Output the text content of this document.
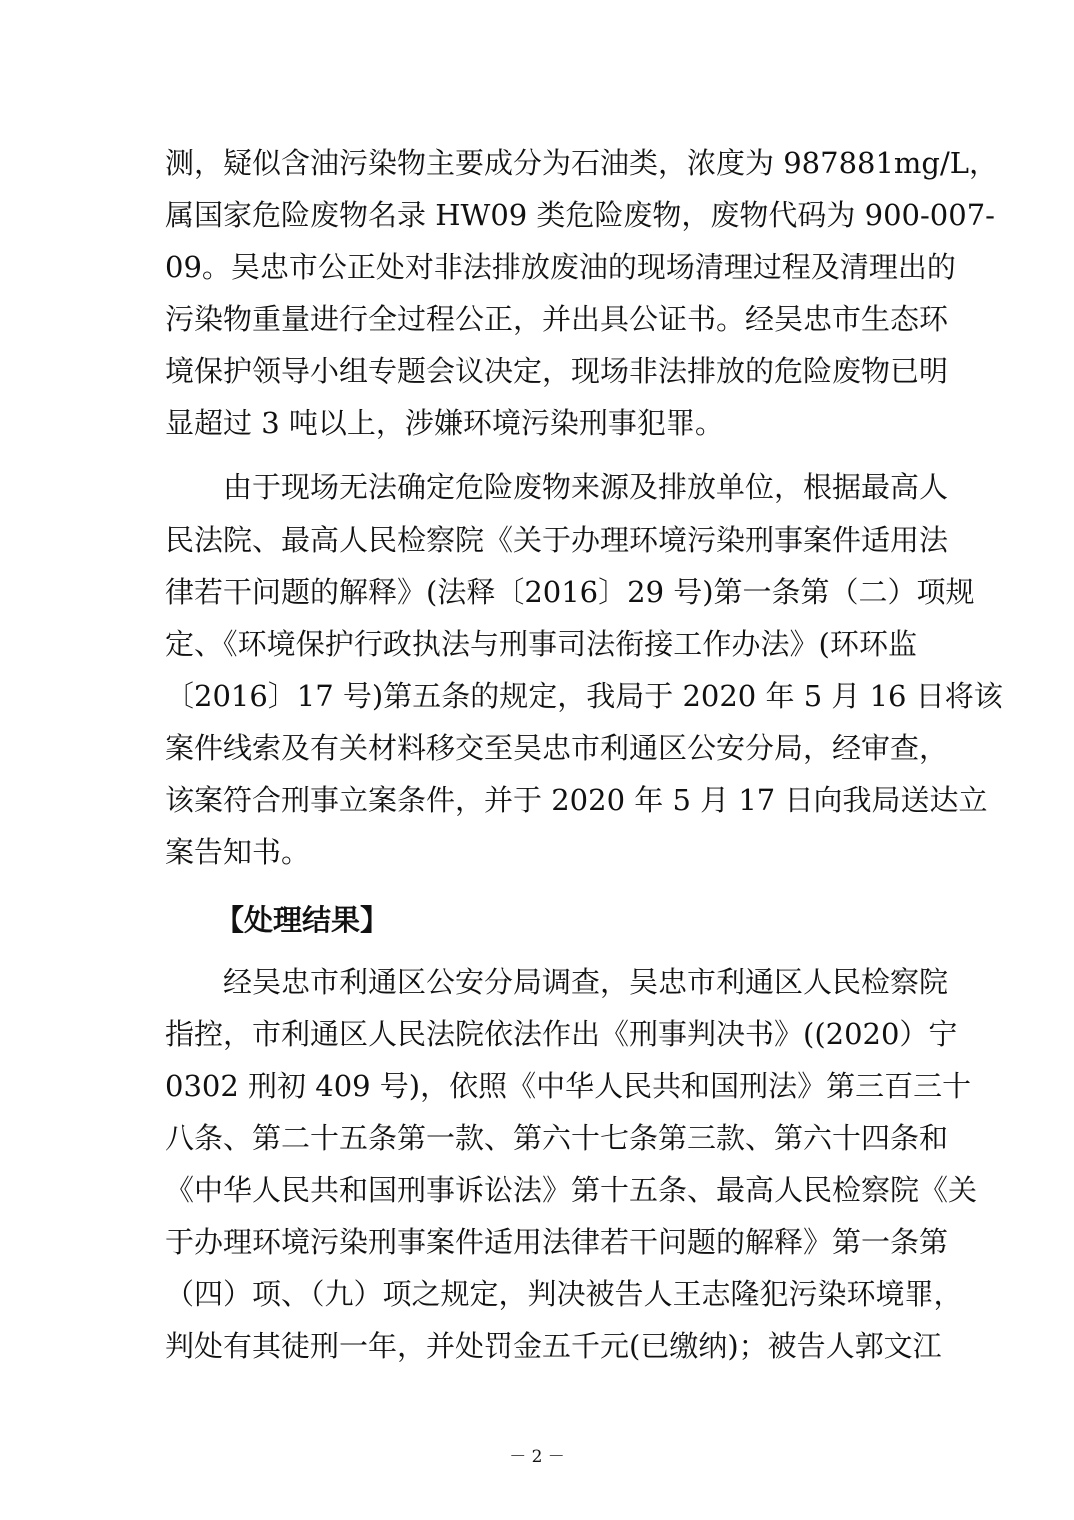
测，疑似含油污染物主要成分为石油类，浓度为 987881mg/L，
属国家危险废物名录 HW09 类危险废物，废物代码为 900-007-
09。吴忠市公正处对非法排放废油的现场清理过程及清理出的
污染物重量进行全过程公正，并出具公证书。经吴忠市生态环
境保护领导小组专题会议决定，现场非法排放的危险废物已明
显超过 3 吨以上，涉嫌环境污染刑事犯罪。
由于现场无法确定危险废物来源及排放单位，根据最高人
民法院、最高人民检察院《关于办理环境污染刑事案件适用法
律若干问题的解释》(法释〔2016〕29 号)第一条第（二）项规
定、《环境保护行政执法与刑事司法衔接工作办法》(环环监
〔2016〕17 号)第五条的规定，我局于 2020 年 5 月 16 日将该
案件线索及有关材料移交至吴忠市利通区公安分局，经审查，
该案符合刑事立案条件，并于 2020 年 5 月 17 日向我局送达立
案告知书。
【处理结果】
经吴忠市利通区公安分局调查，吴忠市利通区人民检察院
指控，市利通区人民法院依法作出《刑事判决书》((2020）宁
0302 刑初 409 号)，依照《中华人民共和国刑法》第三百三十
八条、第二十五条第一款、第六十七条第三款、第六十四条和
《中华人民共和国刑事诉讼法》第十五条、最高人民检察院《关
于办理环境污染刑事案件适用法律若干问题的解释》第一条第
（四）项、（九）项之规定，判决被告人王志隆犯污染环境罪，
判处有其徒刑一年，并处罚金五千元(已缴纳)；被告人郭文江
－ 2 －
